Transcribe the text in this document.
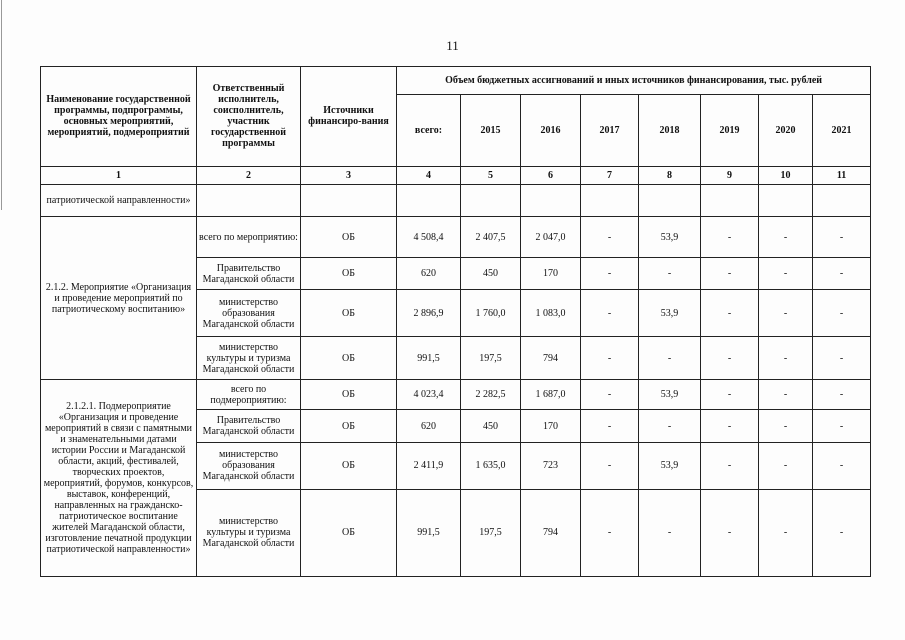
11
Наименование государственной программы, подпрограммы, основных мероприятий, мероприятий, подмероприятий	Ответственный исполнитель, соисполнитель, участник государственной программы	Источники финансиро-вания	Объем бюджетных ассигнований и иных источников финансирования, тыс. рублей							
			всего:	2015	2016	2017	2018	2019	2020	2021
1	2	3	4	5	6	7	8	9	10	11
патриотической направленности»										
2.1.2. Мероприятие «Организация и проведение мероприятий по патриотическому воспитанию»	всего по мероприятию:	ОБ	4 508,4	2 407,5	2 047,0	-	53,9	-	-	-
	Правительство Магаданской области	ОБ	620	450	170	-	-	-	-	-
	министерство образования Магаданской области	ОБ	2 896,9	1 760,0	1 083,0	-	53,9	-	-	-
	министерство культуры и туризма Магаданской области	ОБ	991,5	197,5	794	-	-	-	-	-
2.1.2.1. Подмероприятие «Организация и проведение мероприятий в связи с памятными и знаменательными датами истории России и Магаданской области, акций, фестивалей, творческих проектов, мероприятий, форумов, конкурсов, выставок, конференций, направленных на гражданско-патриотическое воспитание жителей Магаданской области, изготовление печатной продукции патриотической направленности»	всего по подмероприятию:	ОБ	4 023,4	2 282,5	1 687,0	-	53,9	-	-	-
	Правительство Магаданской области	ОБ	620	450	170	-	-	-	-	-
	министерство образования Магаданской области	ОБ	2 411,9	1 635,0	723	-	53,9	-	-	-
	министерство культуры и туризма Магаданской области	ОБ	991,5	197,5	794	-	-	-	-	-
